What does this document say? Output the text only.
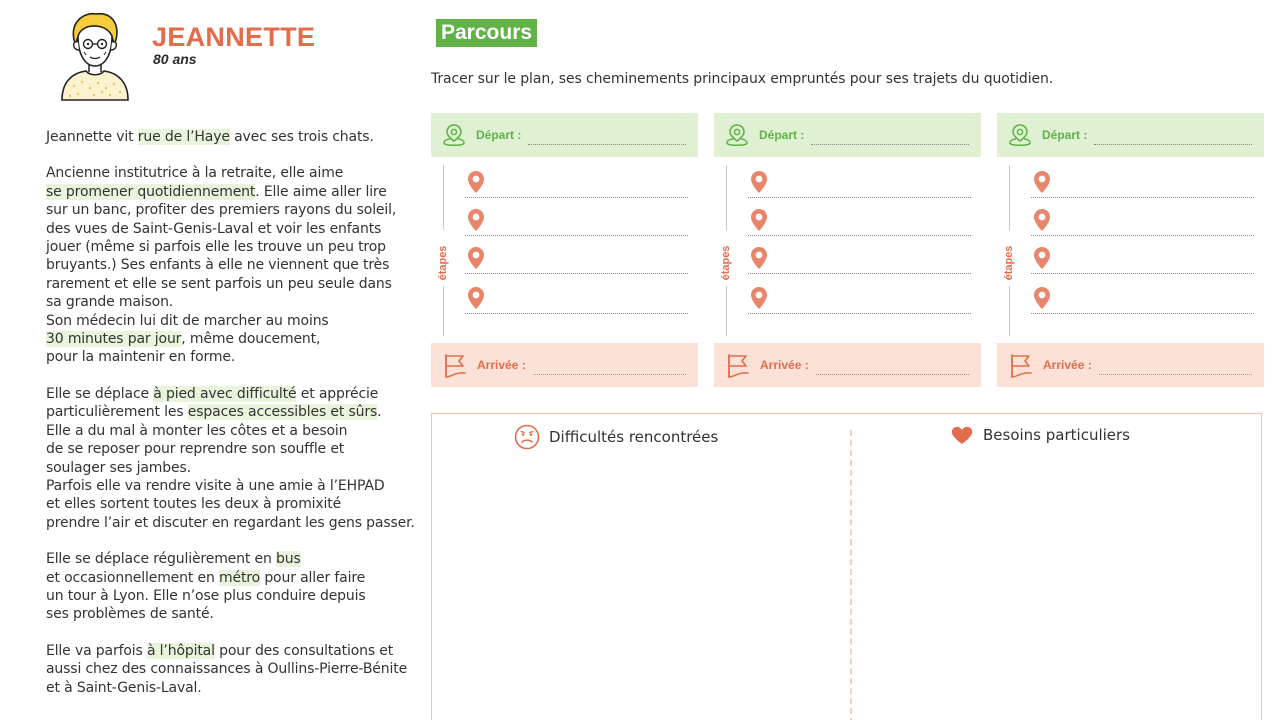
JEANNETTE
80 ans

Jeannette vit rue de l’Haye avec ses trois chats.

Ancienne institutrice à la retraite, elle aime

se promener quotidiennement. Elle aime aller lire

sur un banc, profiter des premiers rayons du soleil,

des vues de Saint-Genis-Laval et voir les enfants

jouer (même si parfois elle les trouve un peu trop

bruyants.) Ses enfants à elle ne viennent que très

rarement et elle se sent parfois un peu seule dans

sa grande maison.

Son médecin lui dit de marcher au moins

30 minutes par jour, même doucement,

pour la maintenir en forme.

Elle se déplace à pied avec difficulté et apprécie

particulièrement les espaces accessibles et sûrs.

Elle a du mal à monter les côtes et a besoin

de se reposer pour reprendre son souffle et

soulager ses jambes.

Parfois elle va rendre visite à une amie à l’EHPAD

et elles sortent toutes les deux à promixité

prendre l’air et discuter en regardant les gens passer.

Elle se déplace régulièrement en bus

et occasionnellement en métro pour aller faire

un tour à Lyon. Elle n’ose plus conduire depuis

ses problèmes de santé.

Elle va parfois à l’hôpital pour des consultations et

aussi chez des connaissances à Oullins-Pierre-Bénite

et à Saint-Genis-Laval.

Parcours
Tracer sur le plan, ses cheminements principaux empruntés pour ses trajets du quotidien.
Départ :
étapes
Arrivée :
Départ :
étapes
Arrivée :
Départ :
étapes
Arrivée :
Difficultés rencontrées	Besoins particuliers
